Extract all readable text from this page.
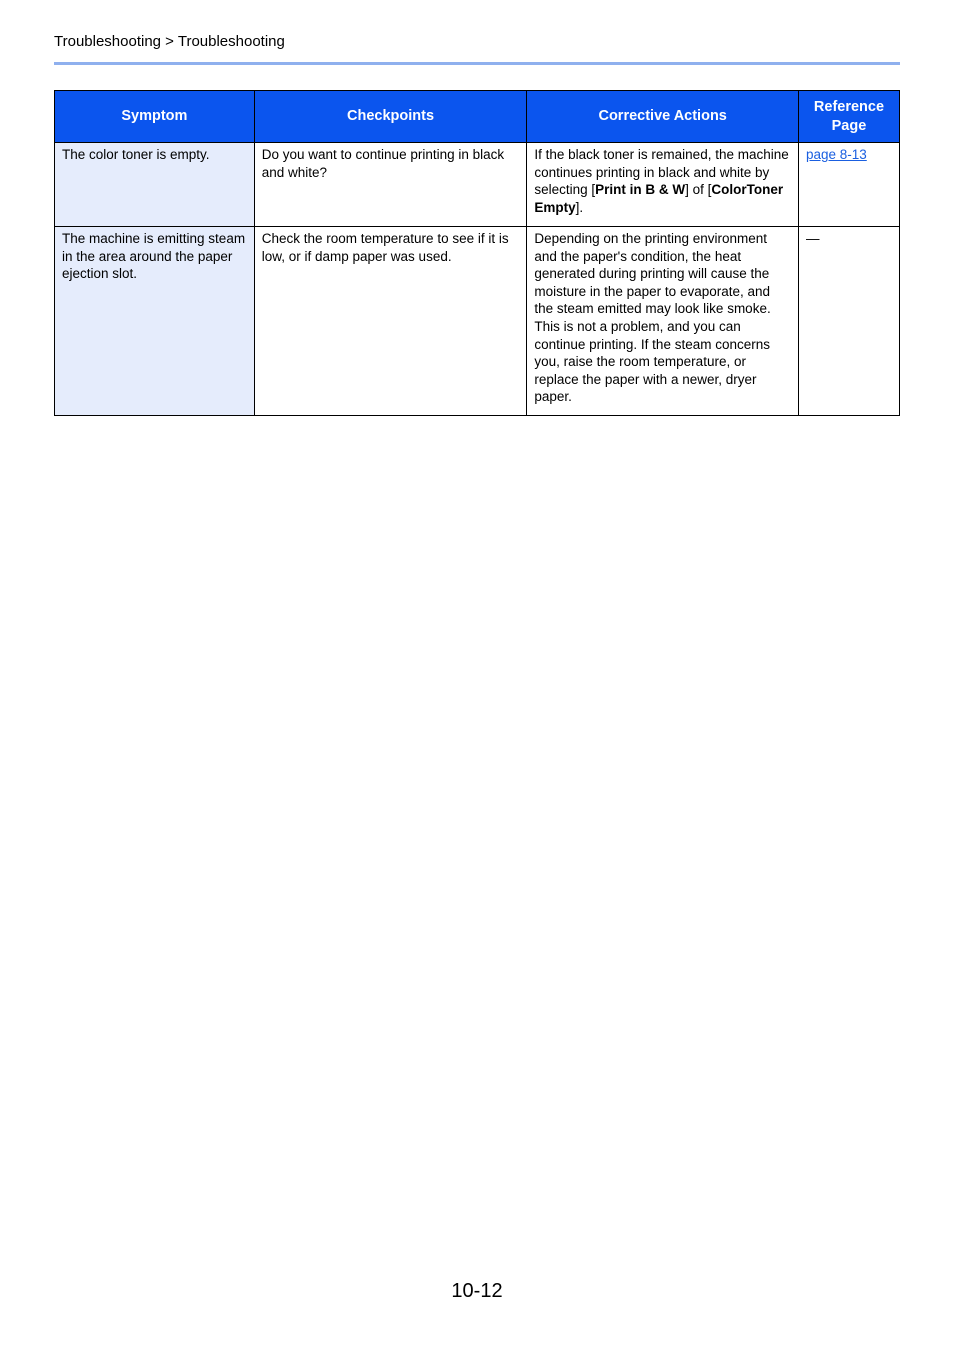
Troubleshooting > Troubleshooting
Symptom	Checkpoints	Corrective Actions	Reference Page
The color toner is empty.	Do you want to continue printing in black and white?	If the black toner is remained, the machine continues printing in black and white by selecting [Print in B & W] of [ColorToner Empty].	page 8-13
The machine is emitting steam in the area around the paper ejection slot.	Check the room temperature to see if it is low, or if damp paper was used.	Depending on the printing environment and the paper's condition, the heat generated during printing will cause the moisture in the paper to evaporate, and the steam emitted may look like smoke. This is not a problem, and you can continue printing. If the steam concerns you, raise the room temperature, or replace the paper with a newer, dryer paper.	—
10-12
